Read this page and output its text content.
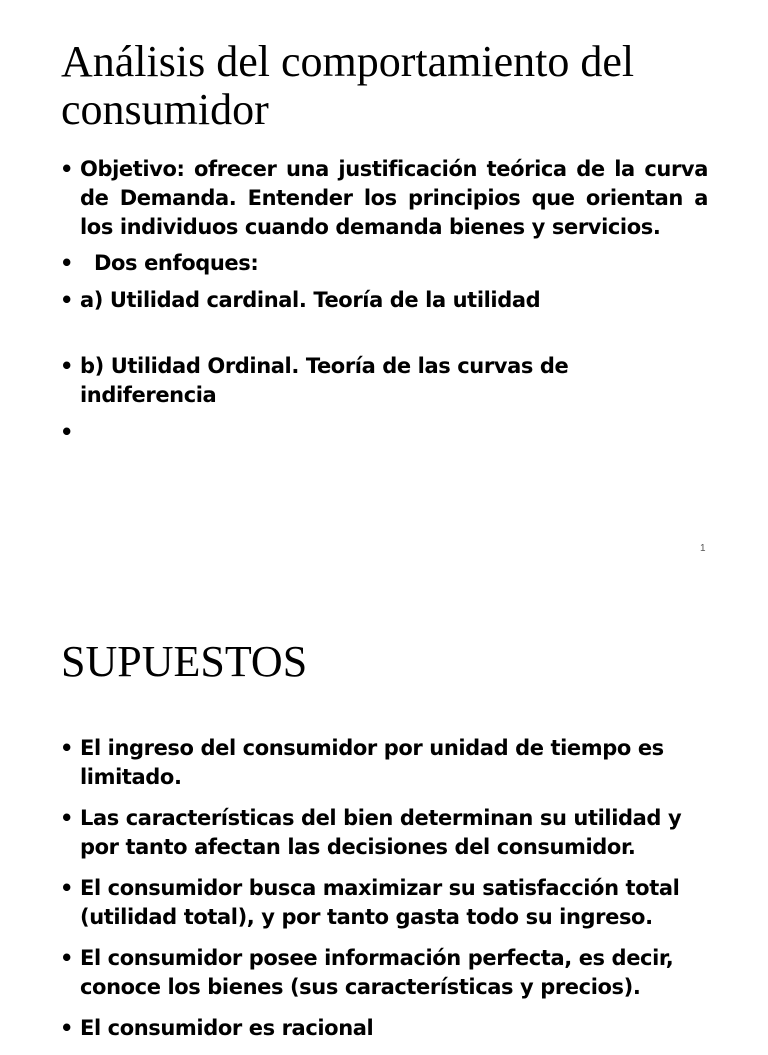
Análisis del comportamiento del consumidor
• Objetivo: ofrecer una justificación teórica de la curva de Demanda. Entender los principios que orientan a los individuos cuando demanda bienes y servicios.
• Dos enfoques:
• a) Utilidad cardinal. Teoría de la utilidad
• b) Utilidad Ordinal. Teoría de las curvas de indiferencia
•

1
SUPUESTOS
• El ingreso del consumidor por unidad de tiempo es limitado.
• Las características del bien determinan su utilidad y por tanto afectan las decisiones del consumidor.
• El consumidor busca maximizar su satisfacción total (utilidad total), y por tanto gasta todo su ingreso.
• El consumidor posee información perfecta, es decir, conoce los bienes (sus características y precios).
• El consumidor es racional
